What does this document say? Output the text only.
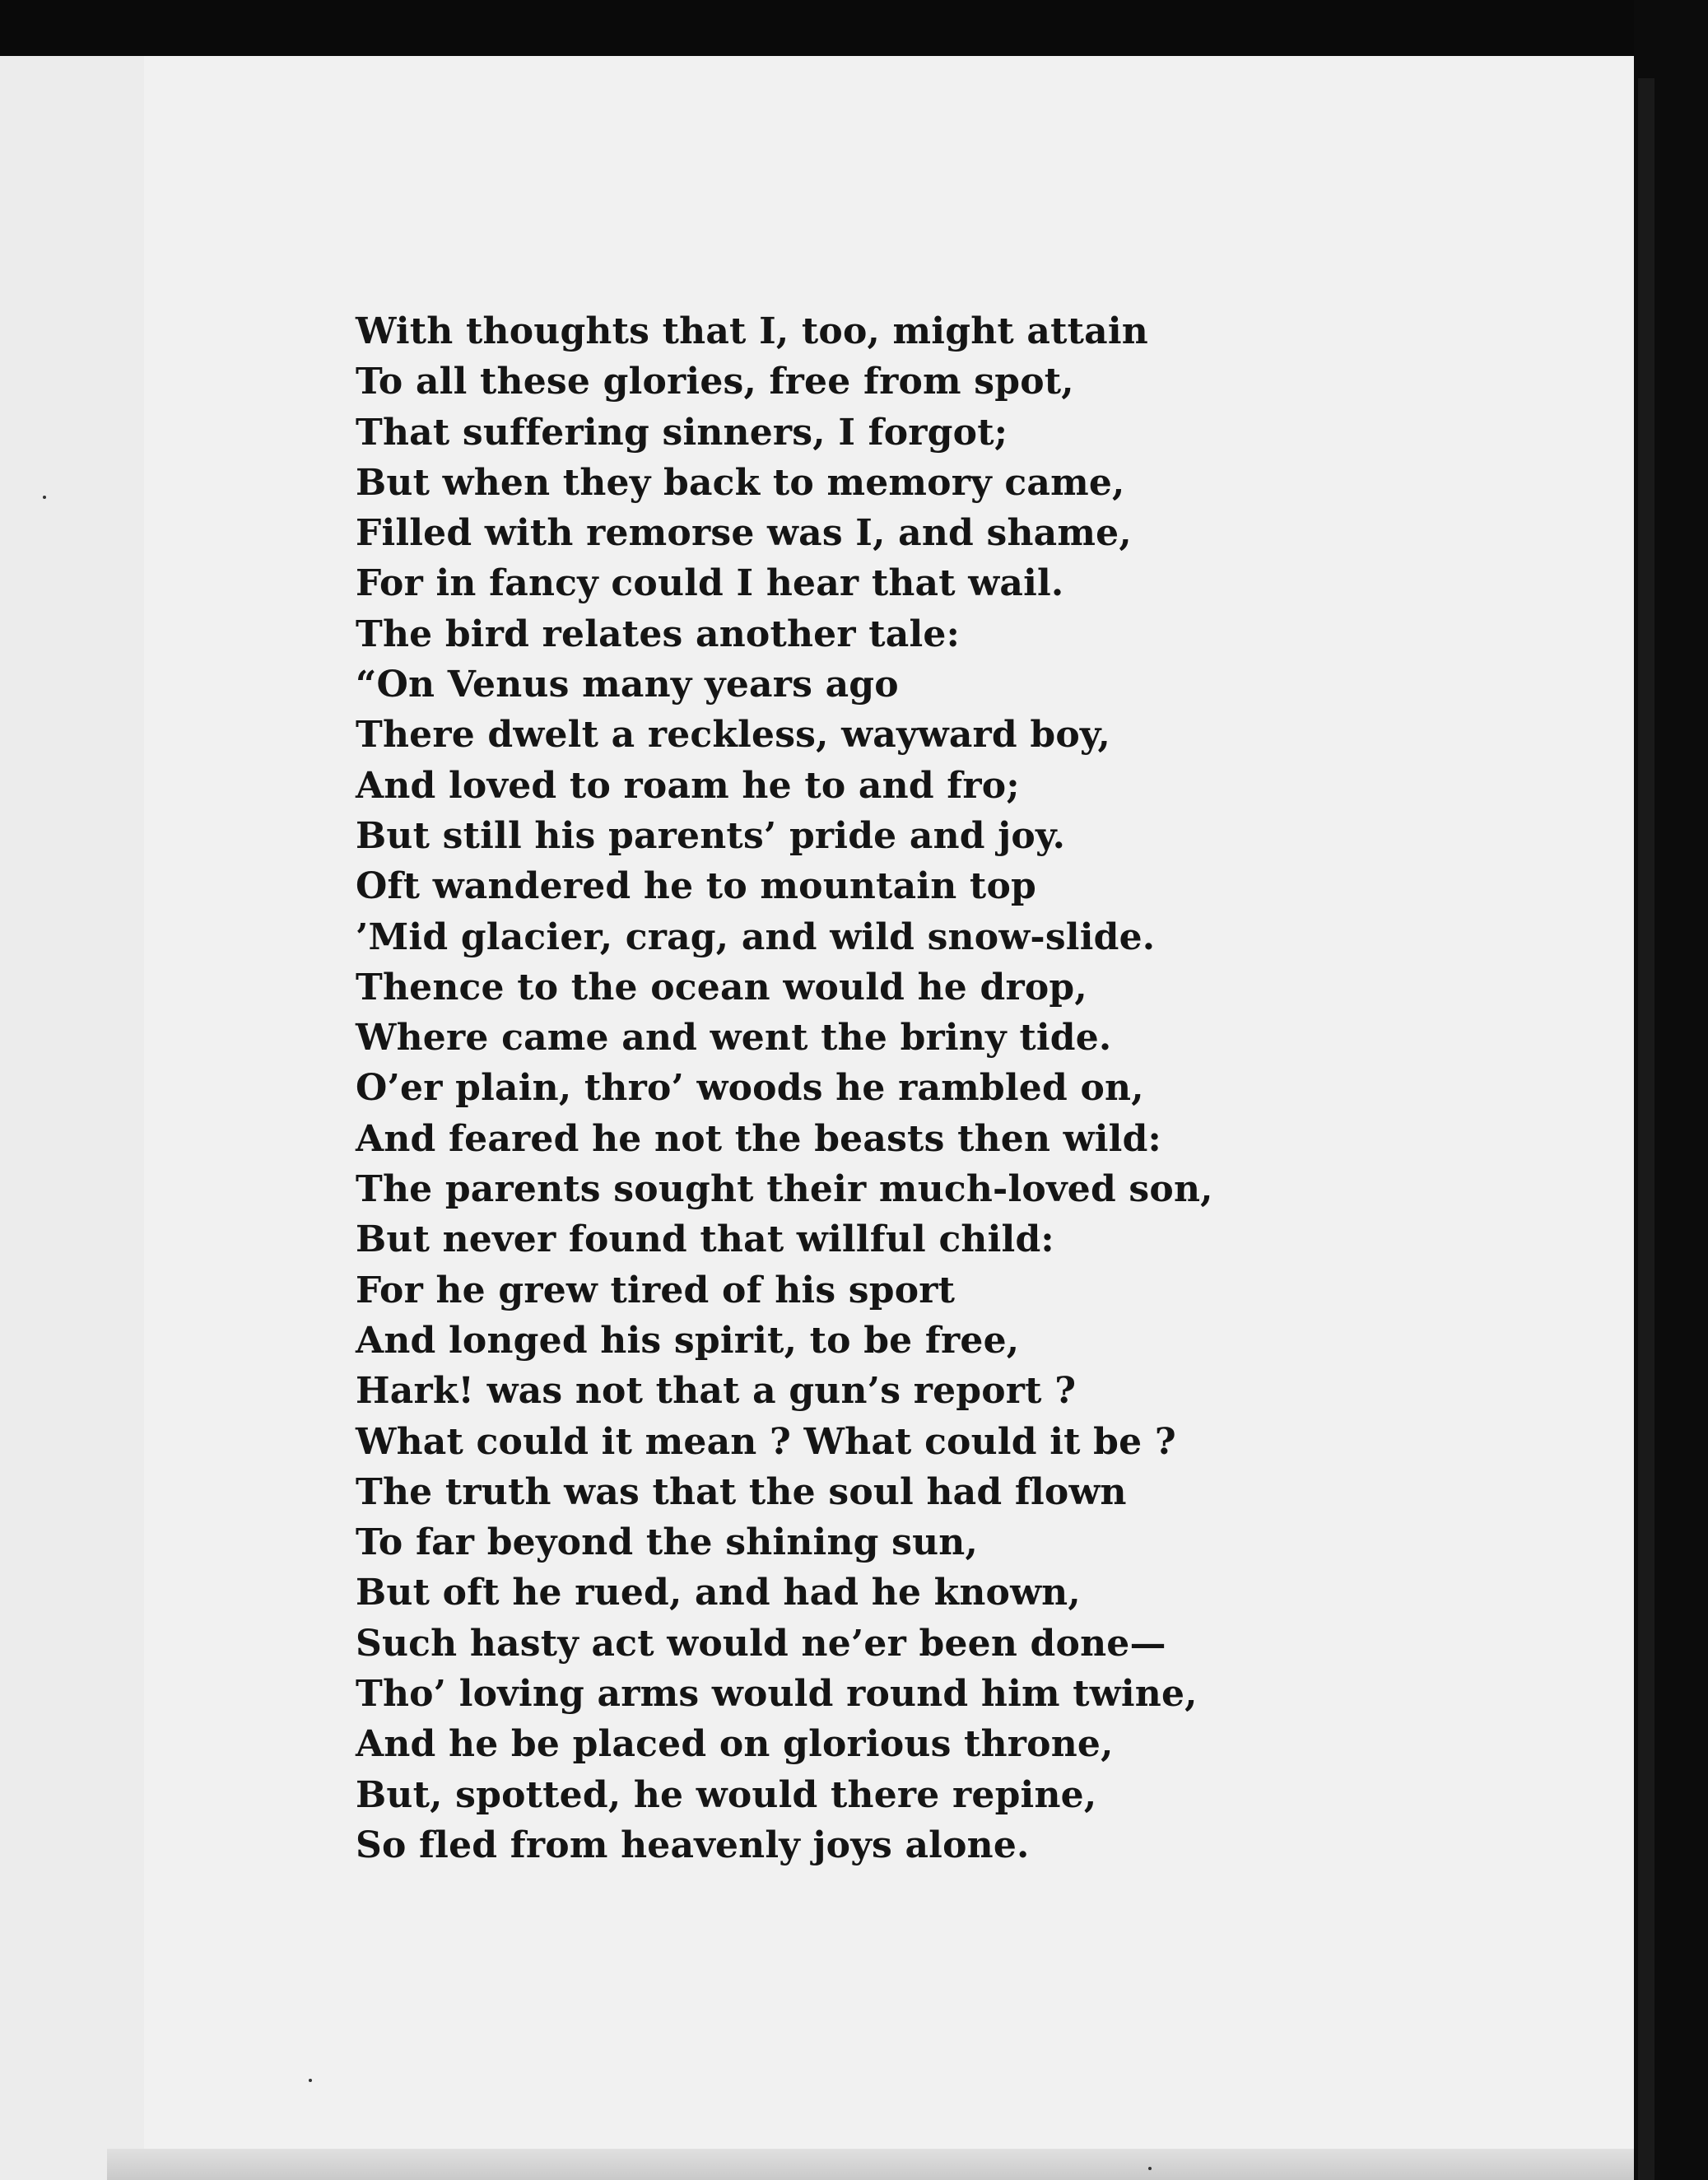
With thoughts that I, too, might attain
To all these glories, free from spot,
That suffering sinners, I forgot;
But when they back to memory came,
Filled with remorse was I, and shame,
For in fancy could I hear that wail.
The bird relates another tale:
“On Venus many years ago
There dwelt a reckless, wayward boy,
And loved to roam he to and fro;
But still his parents’ pride and joy.
Oft wandered he to mountain top
’Mid glacier, crag, and wild snow-slide.
Thence to the ocean would he drop,
Where came and went the briny tide.
O’er plain, thro’ woods he rambled on,
And feared he not the beasts then wild:
The parents sought their much-loved son,
But never found that willful child:
For he grew tired of his sport
And longed his spirit, to be free,
Hark! was not that a gun’s report ?
What could it mean ? What could it be ?
The truth was that the soul had flown
To far beyond the shining sun,
But oft he rued, and had he known,
Such hasty act would ne’er been done—
Tho’ loving arms would round him twine,
And he be placed on glorious throne,
But, spotted, he would there repine,
So fled from heavenly joys alone.
